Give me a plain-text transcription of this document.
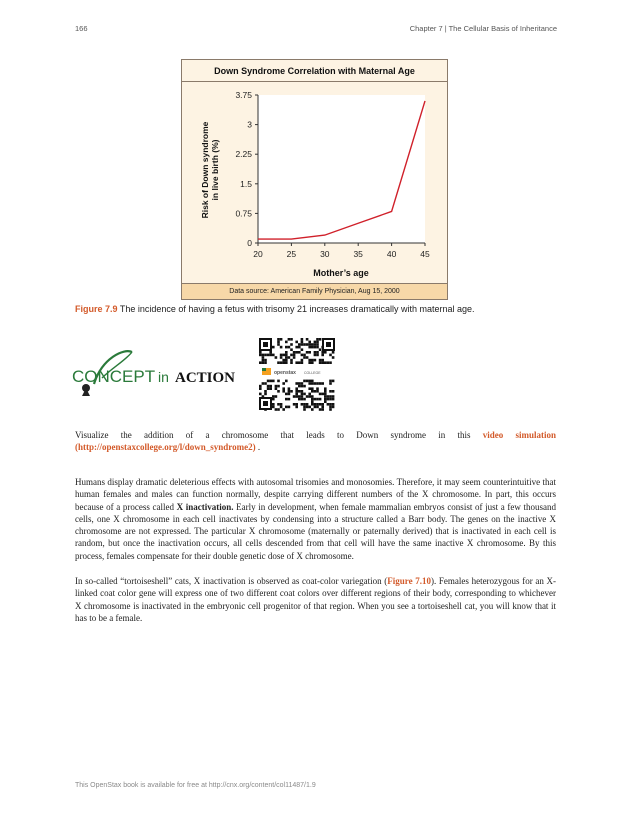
166	Chapter 7 | The Cellular Basis of Inheritance
Down Syndrome Correlation with Maternal Age
0
0.75
1.5
2.25
3
3.75
20	25	30	35	40	45
Mother’s age
Risk of Down syndrome in live birth (%)
Data source: American Family Physician, Aug 15, 2000
Figure 7.9 The incidence of having a fetus with trisomy 21 increases dramatically with maternal age.
CONCEPT in ACTION	openstax COLLEGE
Visualize the addition of a chromosome that leads to Down syndrome in this video simulation (http://openstaxcollege.org/l/down_syndrome2) .
Humans display dramatic deleterious effects with autosomal trisomies and monosomies. Therefore, it may seem counterintuitive that human females and males can function normally, despite carrying different numbers of the X chromosome. In part, this occurs because of a process called X inactivation. Early in development, when female mammalian embryos consist of just a few thousand cells, one X chromosome in each cell inactivates by condensing into a structure called a Barr body. The genes on the inactive X chromosome are not expressed. The particular X chromosome (maternally or paternally derived) that is inactivated in each cell is random, but once the inactivation occurs, all cells descended from that cell will have the same inactive X chromosome. By this process, females compensate for their double genetic dose of X chromosome.
In so-called “tortoiseshell” cats, X inactivation is observed as coat-color variegation (Figure 7.10). Females heterozygous for an X-linked coat color gene will express one of two different coat colors over different regions of their body, corresponding to whichever X chromosome is inactivated in the embryonic cell progenitor of that region. When you see a tortoiseshell cat, you will know that it has to be a female.
This OpenStax book is available for free at http://cnx.org/content/col11487/1.9
